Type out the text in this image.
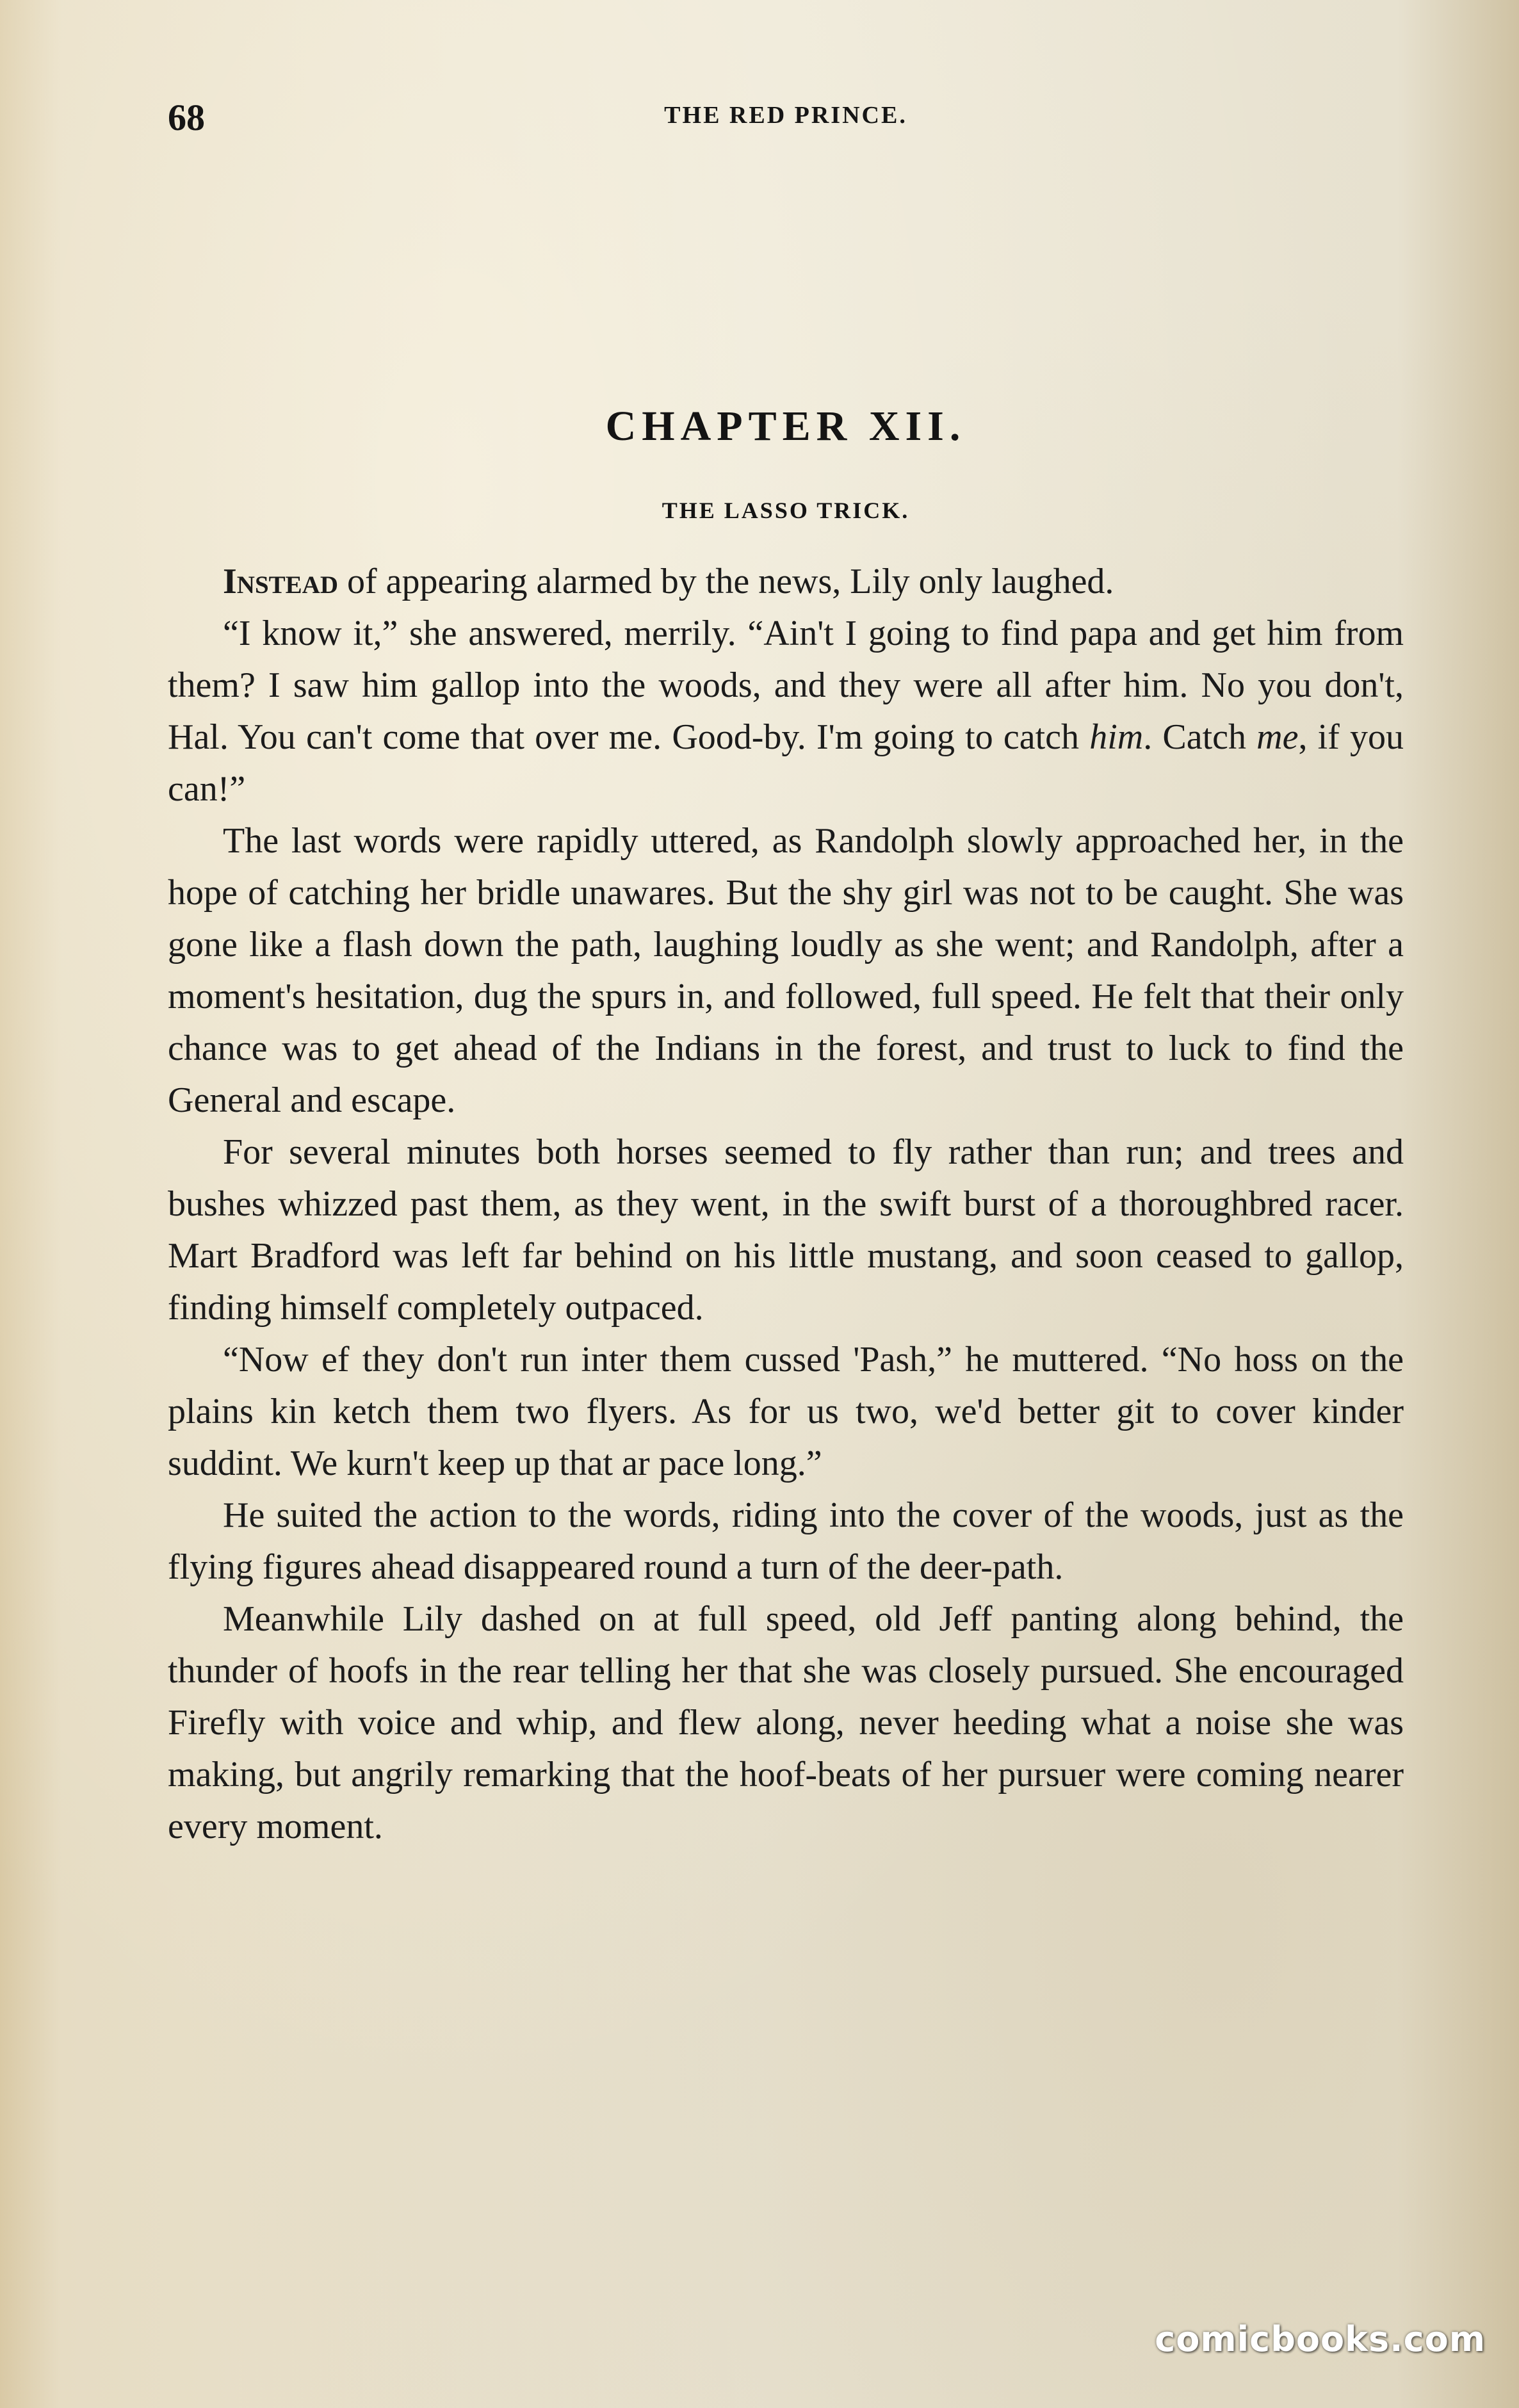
68	THE RED PRINCE.
CHAPTER XII.
THE LASSO TRICK.

Instead of appearing alarmed by the news, Lily only laughed.

“I know it,” she answered, merrily. “Ain't I going to find papa and get him from them? I saw him gallop into the woods, and they were all after him. No you don't, Hal. You can't come that over me. Good-by. I'm going to catch him. Catch me, if you can!”

The last words were rapidly uttered, as Randolph slowly approached her, in the hope of catching her bridle unawares. But the shy girl was not to be caught. She was gone like a flash down the path, laughing loudly as she went; and Randolph, after a moment's hesitation, dug the spurs in, and followed, full speed. He felt that their only chance was to get ahead of the Indians in the forest, and trust to luck to find the General and escape.

For several minutes both horses seemed to fly rather than run; and trees and bushes whizzed past them, as they went, in the swift burst of a thoroughbred racer. Mart Bradford was left far behind on his little mustang, and soon ceased to gallop, finding himself completely outpaced.

“Now ef they don't run inter them cussed 'Pash,” he muttered. “No hoss on the plains kin ketch them two flyers. As for us two, we'd better git to cover kinder suddint. We kurn't keep up that ar pace long.”

He suited the action to the words, riding into the cover of the woods, just as the flying figures ahead disappeared round a turn of the deer-path.

Meanwhile Lily dashed on at full speed, old Jeff panting along behind, the thunder of hoofs in the rear telling her that she was closely pursued. She encouraged Firefly with voice and whip, and flew along, never heeding what a noise she was making, but angrily remarking that the hoof-beats of her pursuer were coming nearer every moment.

comicbooks.com
